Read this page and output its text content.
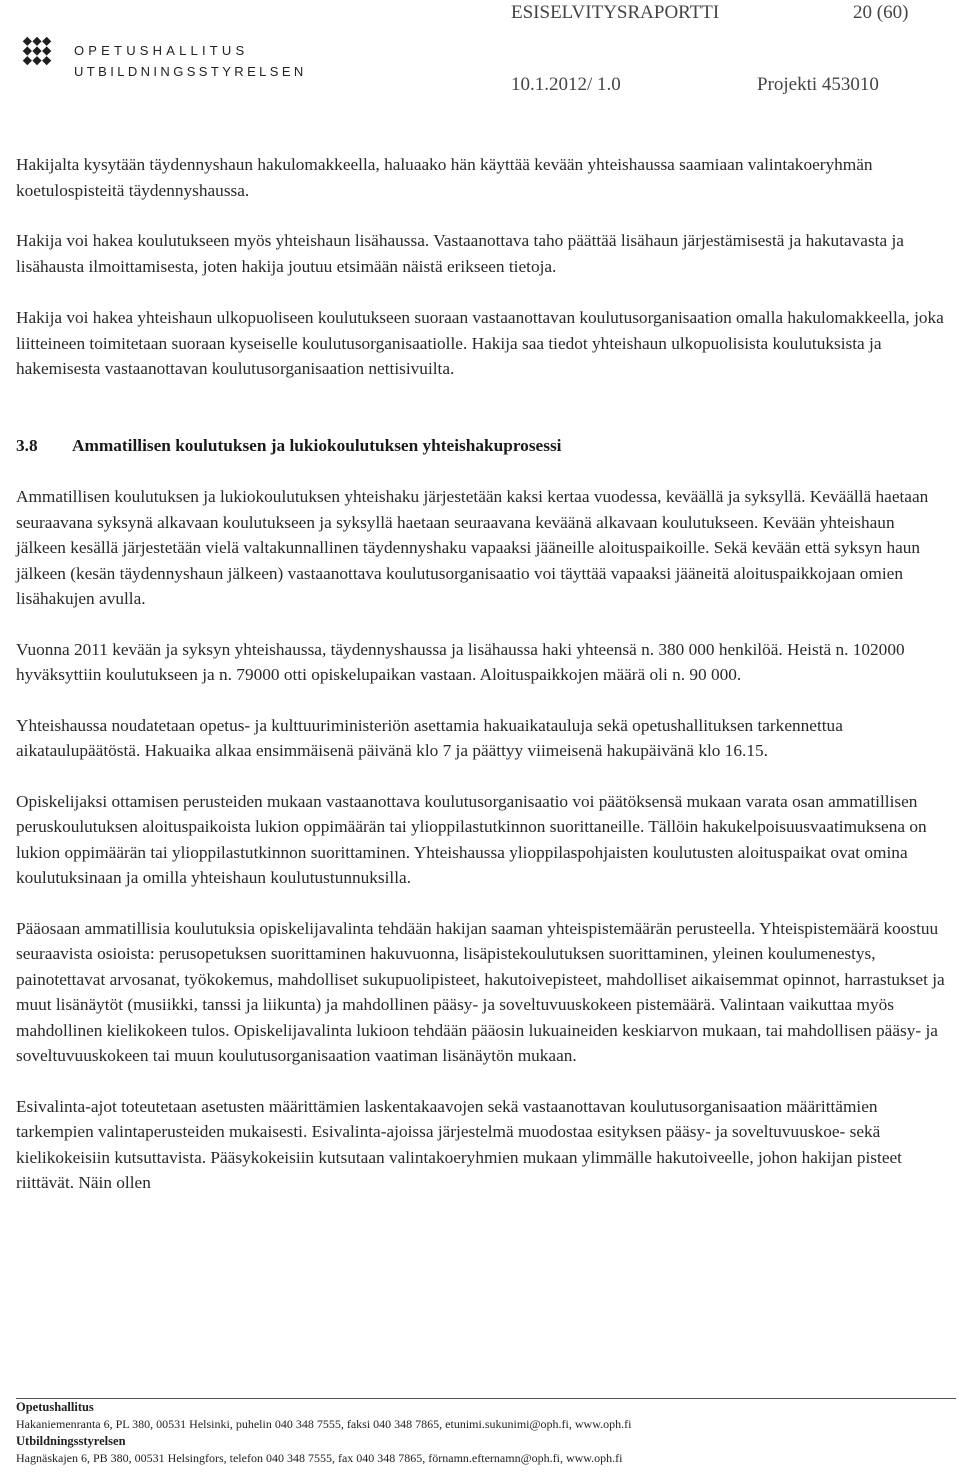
OPETUSHALLITUS
UTBILDNINGSSTYRELSEN
ESISELVITYSRAPORTTI	20 (60)
10.1.2012/ 1.0	Projekti 453010

Hakijalta kysytään täydennyshaun hakulomakkeella, haluaako hän käyttää kevään yhteishaussa saamiaan valintakoeryhmän koetulospisteitä täydennyshaussa.

Hakija voi hakea koulutukseen myös yhteishaun lisähaussa. Vastaanottava taho päättää lisähaun järjestämisestä ja hakutavasta ja lisähausta ilmoittamisesta, joten hakija joutuu etsimään näistä erikseen tietoja.

Hakija voi hakea yhteishaun ulkopuoliseen koulutukseen suoraan vastaanottavan koulutusorganisaation omalla hakulomakkeella, joka liitteineen toimitetaan suoraan kyseiselle koulutusorganisaatiolle. Hakija saa tiedot yhteishaun ulkopuolisista koulutuksista ja hakemisesta vastaanottavan koulutusorganisaation nettisivuilta.

3.8 Ammatillisen koulutuksen ja lukiokoulutuksen yhteishakuprosessi

Ammatillisen koulutuksen ja lukiokoulutuksen yhteishaku järjestetään kaksi kertaa vuodessa, keväällä ja syksyllä. Keväällä haetaan seuraavana syksynä alkavaan koulutukseen ja syksyllä haetaan seuraavana keväänä alkavaan koulutukseen. Kevään yhteishaun jälkeen kesällä järjestetään vielä valtakunnallinen täydennyshaku vapaaksi jääneille aloituspaikoille. Sekä kevään että syksyn haun jälkeen (kesän täydennyshaun jälkeen) vastaanottava koulutusorganisaatio voi täyttää vapaaksi jääneitä aloituspaikkojaan omien lisähakujen avulla.

Vuonna 2011 kevään ja syksyn yhteishaussa, täydennyshaussa ja lisähaussa haki yhteensä n. 380 000 henkilöä. Heistä n. 102000 hyväksyttiin koulutukseen ja n. 79000 otti opiskelupaikan vastaan. Aloituspaikkojen määrä oli n. 90 000.

Yhteishaussa noudatetaan opetus- ja kulttuuriministeriön asettamia hakuaikatauluja sekä opetushallituksen tarkennettua aikataulupäätöstä. Hakuaika alkaa ensimmäisenä päivänä klo 7 ja päättyy viimeisenä hakupäivänä klo 16.15.

Opiskelijaksi ottamisen perusteiden mukaan vastaanottava koulutusorganisaatio voi päätöksensä mukaan varata osan ammatillisen peruskoulutuksen aloituspaikoista lukion oppimäärän tai ylioppilastutkinnon suorittaneille. Tällöin hakukelpoisuusvaatimuksena on lukion oppimäärän tai ylioppilastutkinnon suorittaminen. Yhteishaussa ylioppilaspohjaisten koulutusten aloituspaikat ovat omina koulutuksinaan ja omilla yhteishaun koulutustunnuksilla.

Pääosaan ammatillisia koulutuksia opiskelijavalinta tehdään hakijan saaman yhteispistemäärän perusteella. Yhteispistemäärä koostuu seuraavista osioista: perusopetuksen suorittaminen hakuvuonna, lisäpistekoulutuksen suorittaminen, yleinen koulumenestys, painotettavat arvosanat, työkokemus, mahdolliset sukupuolipisteet, hakutoivepisteet, mahdolliset aikaisemmat opinnot, harrastukset ja muut lisänäytöt (musiikki, tanssi ja liikunta) ja mahdollinen pääsy- ja soveltuvuuskokeen pistemäärä. Valintaan vaikuttaa myös mahdollinen kielikokeen tulos. Opiskelijavalinta lukioon tehdään pääosin lukuaineiden keskiarvon mukaan, tai mahdollisen pääsy- ja soveltuvuuskokeen tai muun koulutusorganisaation vaatiman lisänäytön mukaan.

Esivalinta-ajot toteutetaan asetusten määrittämien laskentakaavojen sekä vastaanottavan koulutusorganisaation määrittämien tarkempien valintaperusteiden mukaisesti. Esivalinta-ajoissa järjestelmä muodostaa esityksen pääsy- ja soveltuvuuskoe- sekä kielikokeisiin kutsuttavista. Pääsykokeisiin kutsutaan valintakoeryhmien mukaan ylimmälle hakutoiveelle, johon hakijan pisteet riittävät. Näin ollen

Opetushallitus
Hakaniemenranta 6, PL 380, 00531 Helsinki, puhelin 040 348 7555, faksi 040 348 7865, etunimi.sukunimi@oph.fi, www.oph.fi
Utbildningsstyrelsen
Hagnäskajen 6, PB 380, 00531 Helsingfors, telefon 040 348 7555, fax 040 348 7865, förnamn.efternamn@oph.fi, www.oph.fi
